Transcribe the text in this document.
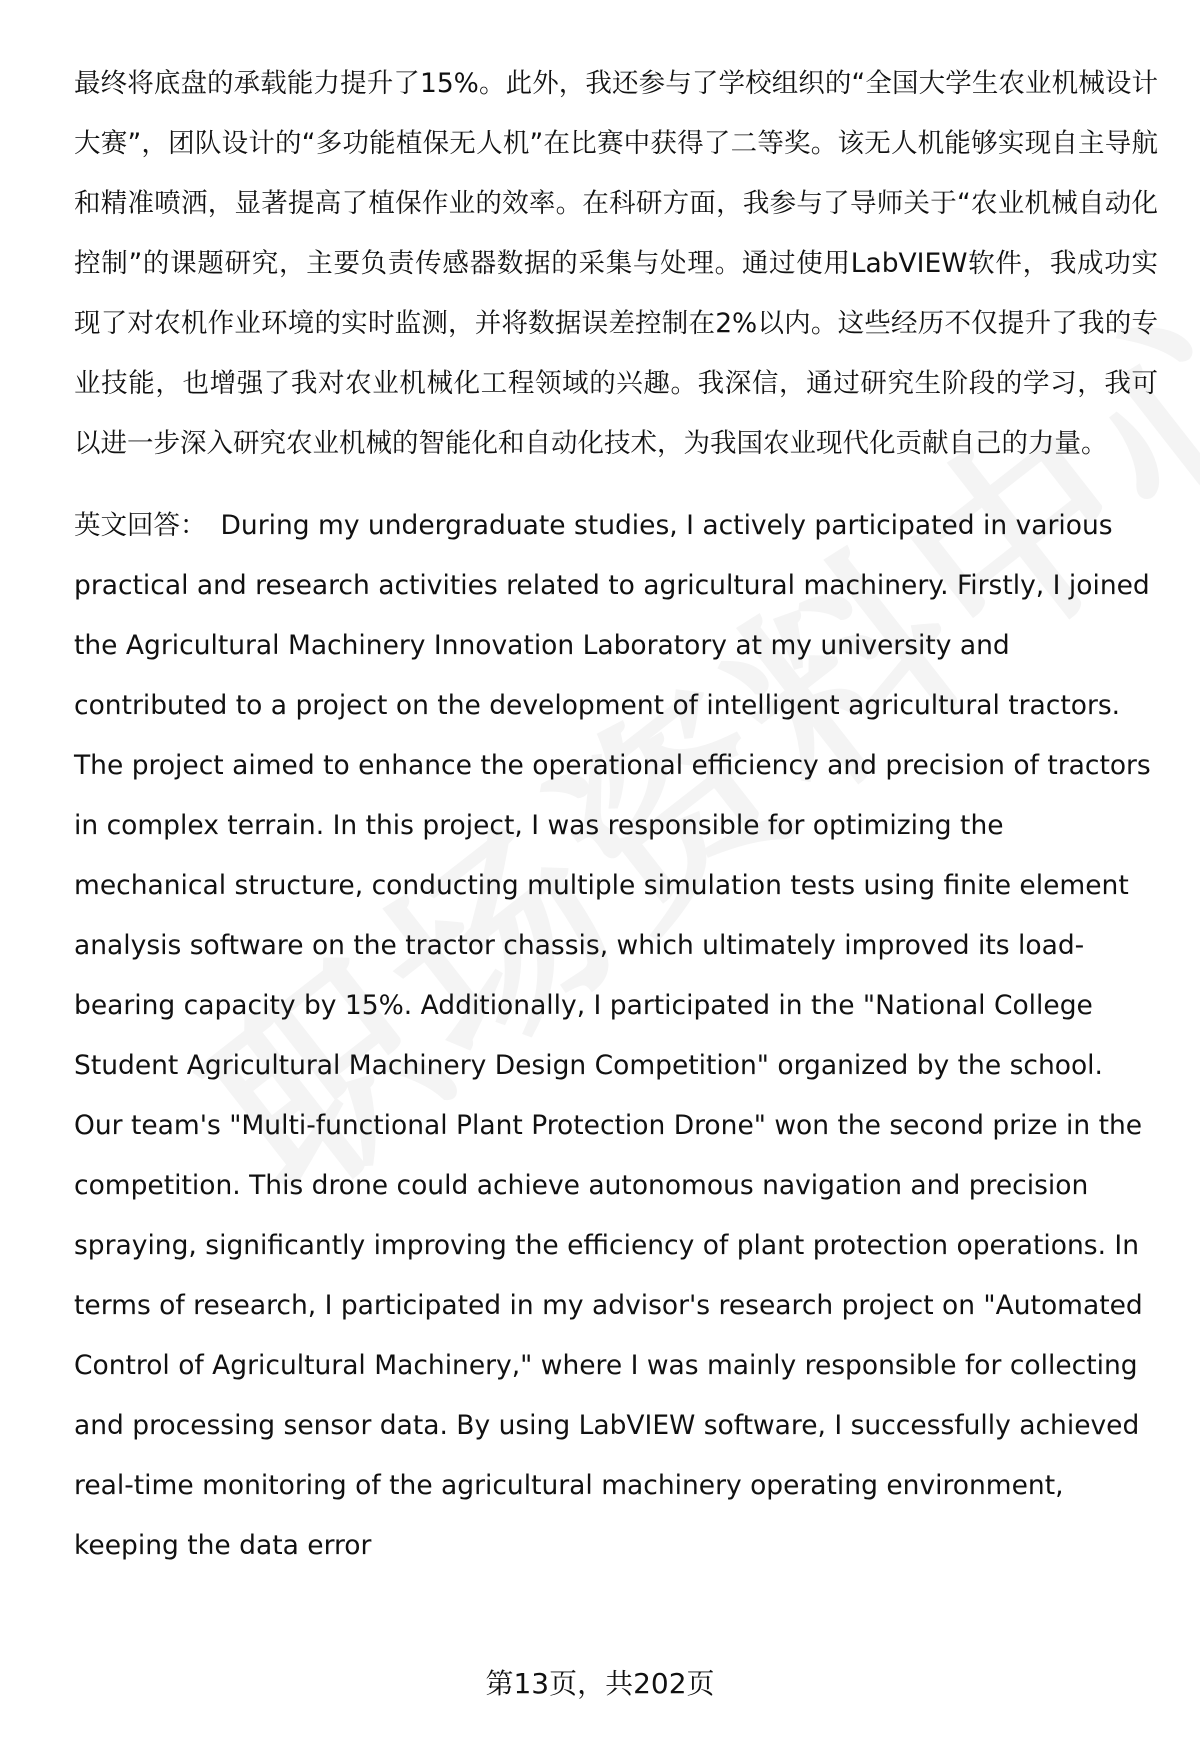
最终将底盘的承载能力提升了15%。此外，我还参与了学校组织的“全国大学生农业机械设计大赛”，团队设计的“多功能植保无人机”在比赛中获得了二等奖。该无人机能够实现自主导航和精准喷洒，显著提高了植保作业的效率。在科研方面，我参与了导师关于“农业机械自动化控制”的课题研究，主要负责传感器数据的采集与处理。通过使用LabVIEW软件，我成功实现了对农机作业环境的实时监测，并将数据误差控制在2%以内。这些经历不仅提升了我的专业技能，也增强了我对农业机械化工程领域的兴趣。我深信，通过研究生阶段的学习，我可以进一步深入研究农业机械的智能化和自动化技术，为我国农业现代化贡献自己的力量。

英文回答： During my undergraduate studies, I actively participated in various practical and research activities related to agricultural machinery. Firstly, I joined the Agricultural Machinery Innovation Laboratory at my university and contributed to a project on the development of intelligent agricultural tractors. The project aimed to enhance the operational efficiency and precision of tractors in complex terrain. In this project, I was responsible for optimizing the mechanical structure, conducting multiple simulation tests using finite element analysis software on the tractor chassis, which ultimately improved its load-bearing capacity by 15%. Additionally, I participated in the "National College Student Agricultural Machinery Design Competition" organized by the school. Our team's "Multi-functional Plant Protection Drone" won the second prize in the competition. This drone could achieve autonomous navigation and precision spraying, significantly improving the efficiency of plant protection operations. In terms of research, I participated in my advisor's research project on "Automated Control of Agricultural Machinery," where I was mainly responsible for collecting and processing sensor data. By using LabVIEW software, I successfully achieved real-time monitoring of the agricultural machinery operating environment, keeping the data error

第13页，共202页
